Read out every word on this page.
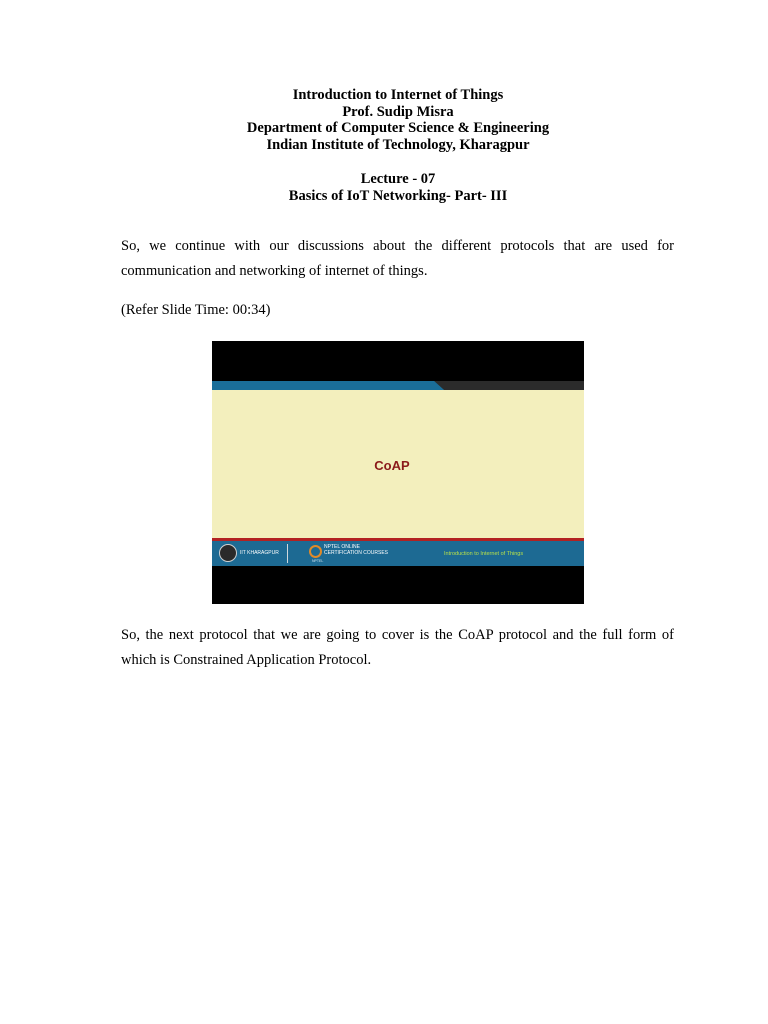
Introduction to Internet of Things
Prof. Sudip Misra
Department of Computer Science & Engineering
Indian Institute of Technology, Kharagpur
Lecture - 07
Basics of IoT Networking- Part- III

So, we continue with our discussions about the different protocols that are used for communication and networking of internet of things.

(Refer Slide Time: 00:34)

CoAP
IIT KHARAGPUR
NPTEL ONLINE
CERTIFICATION COURSES
NPTEL
Introduction to Internet of Things

So, the next protocol that we are going to cover is the CoAP protocol and the full form of which is Constrained Application Protocol.
